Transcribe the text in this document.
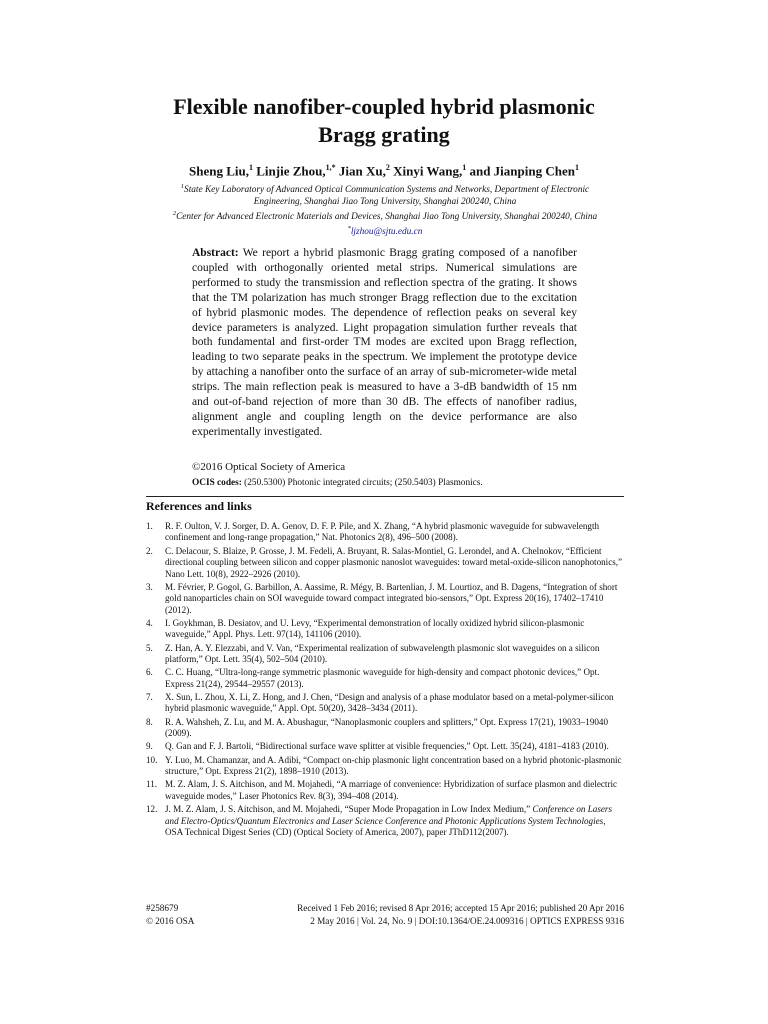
Flexible nanofiber-coupled hybrid plasmonic
Bragg grating
Sheng Liu,$^1$ Linjie Zhou,$^{1,*}$ Jian Xu,$^2$ Xinyi Wang,$^1$ and Jianping Chen$^1$
$^1$State Key Laboratory of Advanced Optical Communication Systems and Networks, Department of Electronic
Engineering, Shanghai Jiao Tong University, Shanghai 200240, China
$^2$Center for Advanced Electronic Materials and Devices, Shanghai Jiao Tong University, Shanghai 200240, China
*ljzhou@sjtu.edu.cn
Abstract: We report a hybrid plasmonic Bragg grating composed of a nanofiber coupled with orthogonally oriented metal strips. Numerical simulations are performed to study the transmission and reflection spectra of the grating. It shows that the TM polarization has much stronger Bragg reflection due to the excitation of hybrid plasmonic modes. The dependence of reflection peaks on several key device parameters is analyzed. Light propagation simulation further reveals that both fundamental and first-order TM modes are excited upon Bragg reflection, leading to two separate peaks in the spectrum. We implement the prototype device by attaching a nanofiber onto the surface of an array of sub-micrometer-wide metal strips. The main reflection peak is measured to have a 3-dB bandwidth of 15 nm and out-of-band rejection of more than 30 dB. The effects of nanofiber radius, alignment angle and coupling length on the device performance are also experimentally investigated.
©2016 Optical Society of America
OCIS codes: (250.5300) Photonic integrated circuits; (250.5403) Plasmonics.
References and links
1. R. F. Oulton, V. J. Sorger, D. A. Genov, D. F. P. Pile, and X. Zhang, “A hybrid plasmonic waveguide for subwavelength confinement and long-range propagation,” Nat. Photonics 2(8), 496–500 (2008).
2. C. Delacour, S. Blaize, P. Grosse, J. M. Fedeli, A. Bruyant, R. Salas-Montiel, G. Lerondel, and A. Chelnokov, “Efficient directional coupling between silicon and copper plasmonic nanoslot waveguides: toward metal-oxide-silicon nanophotonics,” Nano Lett. 10(8), 2922–2926 (2010).
3. M. Février, P. Gogol, G. Barbillon, A. Aassime, R. Mégy, B. Bartenlian, J. M. Lourtioz, and B. Dagens, “Integration of short gold nanoparticles chain on SOI waveguide toward compact integrated bio-sensors,” Opt. Express 20(16), 17402–17410 (2012).
4. I. Goykhman, B. Desiatov, and U. Levy, “Experimental demonstration of locally oxidized hybrid silicon-plasmonic waveguide,” Appl. Phys. Lett. 97(14), 141106 (2010).
5. Z. Han, A. Y. Elezzabi, and V. Van, “Experimental realization of subwavelength plasmonic slot waveguides on a silicon platform,” Opt. Lett. 35(4), 502–504 (2010).
6. C. C. Huang, “Ultra-long-range symmetric plasmonic waveguide for high-density and compact photonic devices,” Opt. Express 21(24), 29544–29557 (2013).
7. X. Sun, L. Zhou, X. Li, Z. Hong, and J. Chen, “Design and analysis of a phase modulator based on a metal-polymer-silicon hybrid plasmonic waveguide,” Appl. Opt. 50(20), 3428–3434 (2011).
8. R. A. Wahsheh, Z. Lu, and M. A. Abushagur, “Nanoplasmonic couplers and splitters,” Opt. Express 17(21), 19033–19040 (2009).
9. Q. Gan and F. J. Bartoli, “Bidirectional surface wave splitter at visible frequencies,” Opt. Lett. 35(24), 4181–4183 (2010).
10. Y. Luo, M. Chamanzar, and A. Adibi, “Compact on-chip plasmonic light concentration based on a hybrid photonic-plasmonic structure,” Opt. Express 21(2), 1898–1910 (2013).
11. M. Z. Alam, J. S. Aitchison, and M. Mojahedi, “A marriage of convenience: Hybridization of surface plasmon and dielectric waveguide modes,” Laser Photonics Rev. 8(3), 394–408 (2014).
12. J. M. Z. Alam, J. S. Aitchison, and M. Mojahedi, “Super Mode Propagation in Low Index Medium,” Conference on Lasers and Electro-Optics/Quantum Electronics and Laser Science Conference and Photonic Applications System Technologies, OSA Technical Digest Series (CD) (Optical Society of America, 2007), paper JThD112(2007).
#258679	Received 1 Feb 2016; revised 8 Apr 2016; accepted 15 Apr 2016; published 20 Apr 2016
© 2016 OSA	2 May 2016 | Vol. 24, No. 9 | DOI:10.1364/OE.24.009316 | OPTICS EXPRESS 9316
